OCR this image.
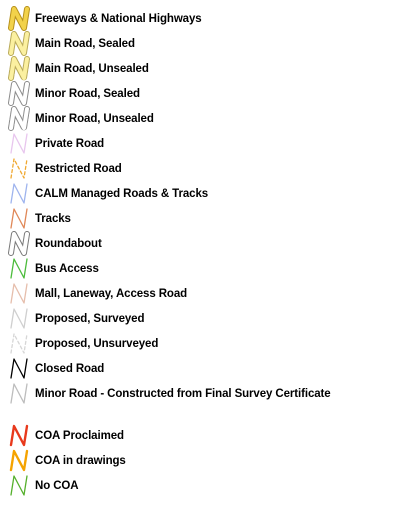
Freeways & National Highways
Main Road, Sealed
Main Road, Unsealed
Minor Road, Sealed
Minor Road, Unsealed
Private Road
Restricted Road
CALM Managed Roads & Tracks
Tracks
Roundabout
Bus Access
Mall, Laneway, Access Road
Proposed, Surveyed
Proposed, Unsurveyed
Closed Road
Minor Road - Constructed from Final Survey Certificate
COA Proclaimed
COA in drawings
No COA
